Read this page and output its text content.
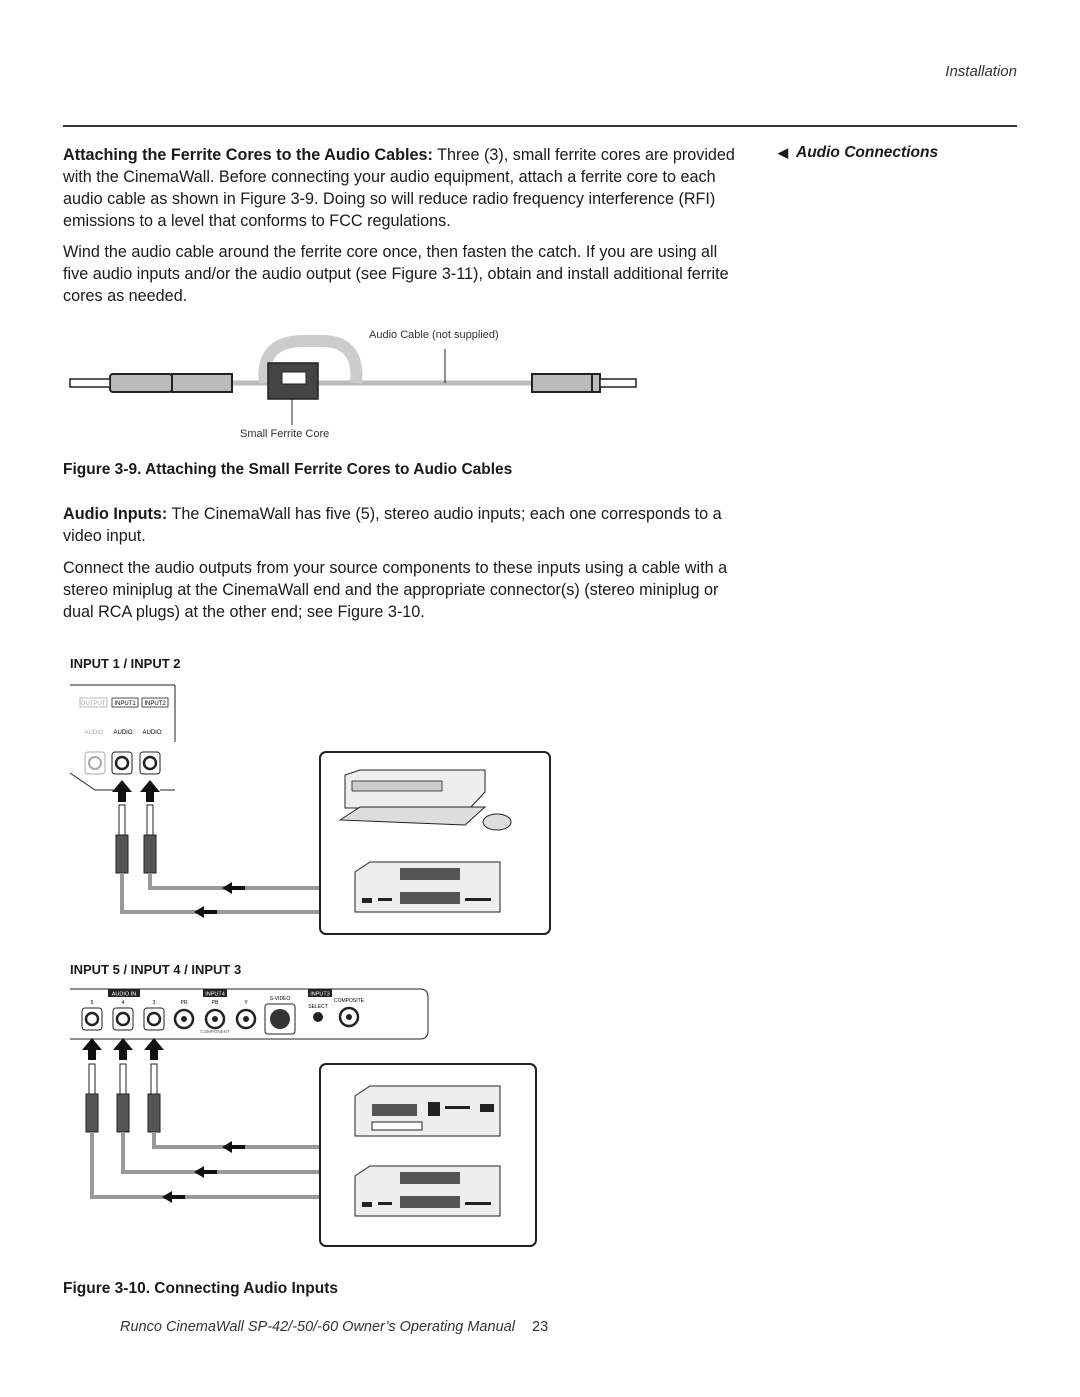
Installation
◀ Audio Connections
Attaching the Ferrite Cores to the Audio Cables: Three (3), small ferrite cores are provided with the CinemaWall. Before connecting your audio equipment, attach a ferrite core to each audio cable as shown in Figure 3-9. Doing so will reduce radio frequency interference (RFI) emissions to a level that conforms to FCC regulations.
Wind the audio cable around the ferrite core once, then fasten the catch. If you are using all five audio inputs and/or the audio output (see Figure 3-11), obtain and install additional ferrite cores as needed.
Audio Cable (not supplied)
Small Ferrite Core
Figure 3-9. Attaching the Small Ferrite Cores to Audio Cables
Audio Inputs: The CinemaWall has five (5), stereo audio inputs; each one corresponds to a video input.
Connect the audio outputs from your source components to these inputs using a cable with a stereo miniplug at the CinemaWall end and the appropriate connector(s) (stereo miniplug or dual RCA plugs) at the other end; see Figure 3-10.
INPUT 1 / INPUT 2
OUTPUT INPUT1 INPUT2
AUDIO AUDIO AUDIO
INPUT 5 / INPUT 4 / INPUT 3
AUDIO IN	INPUT4	INPUT3
5	4	3	PR	PB	Y
S-VIDEO
SELECT
COMPOSITE
COMPONENT
Figure 3-10. Connecting Audio Inputs
Runco CinemaWall SP-42/-50/-60 Owner’s Operating Manual 23
